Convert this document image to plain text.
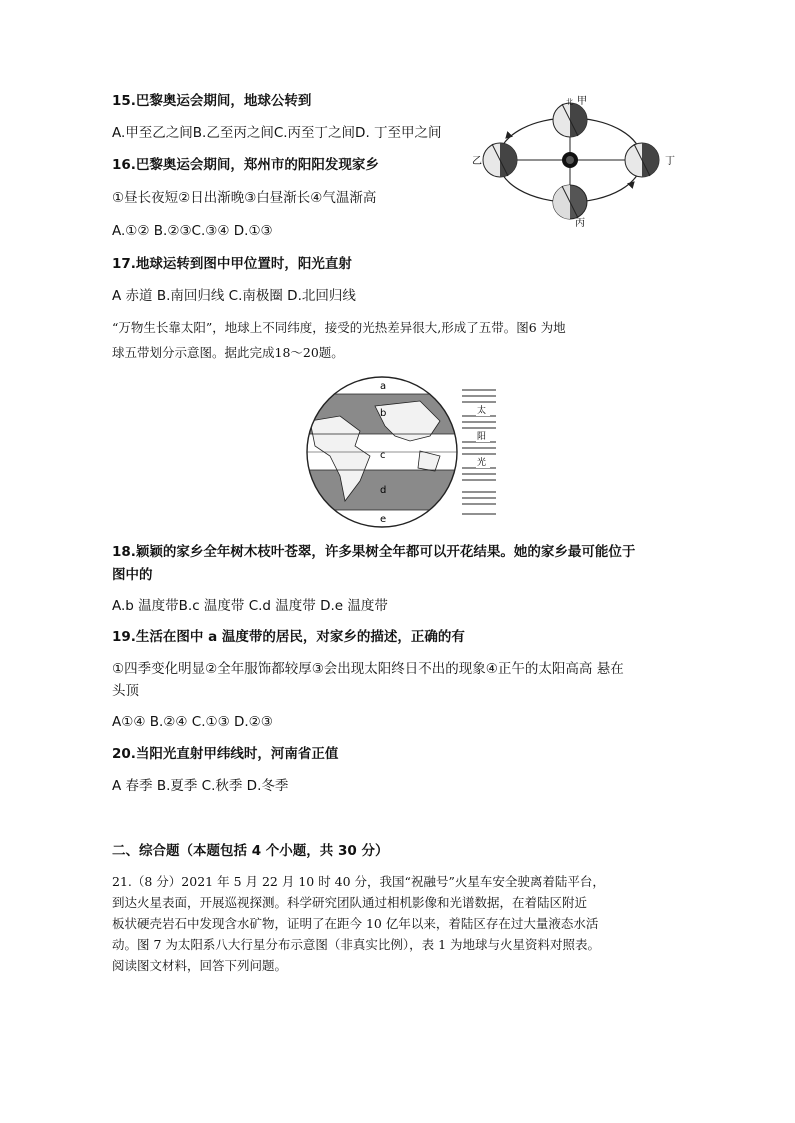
15.巴黎奥运会期间，地球公转到
A.甲至乙之间B.乙至丙之间C.丙至丁之间D. 丁至甲之间
16.巴黎奥运会期间，郑州市的阳阳发现家乡
①昼长夜短②日出渐晚③白昼渐长④气温渐高
A.①② B.②③C.③④ D.①③
17.地球运转到图中甲位置时，阳光直射
A 赤道 B.南回归线 C.南极圈 D.北回归线
甲
北
乙
丙
丁
“万物生长靠太阳”，地球上不同纬度，接受的光热差异很大,形成了五带。图6 为地
球五带划分示意图。据此完成18～20题。
a
b
c
d
e
太
阳
光
18.颖颖的家乡全年树木枝叶苍翠，许多果树全年都可以开花结果。她的家乡最可能位于
图中的
A.b 温度带B.c 温度带 C.d 温度带 D.e 温度带
19.生活在图中 a 温度带的居民，对家乡的描述，正确的有
①四季变化明显②全年服饰都较厚③会出现太阳终日不出的现象④正午的太阳高高 悬在
头顶
A①④ B.②④ C.①③ D.②③
20.当阳光直射甲纬线时，河南省正值
A 春季 B.夏季 C.秋季 D.冬季
二、综合题（本题包括 4 个小题，共 30 分）
21.（8 分）2021 年 5 月 22 月 10 时 40 分，我国“祝融号”火星车安全驶离着陆平台，
到达火星表面，开展巡视探测。科学研究团队通过相机影像和光谱数据，在着陆区附近
板状硬壳岩石中发现含水矿物，证明了在距今 10 亿年以来，着陆区存在过大量液态水活
动。图 7 为太阳系八大行星分布示意图（非真实比例），表 1 为地球与火星资料对照表。
阅读图文材料，回答下列问题。
